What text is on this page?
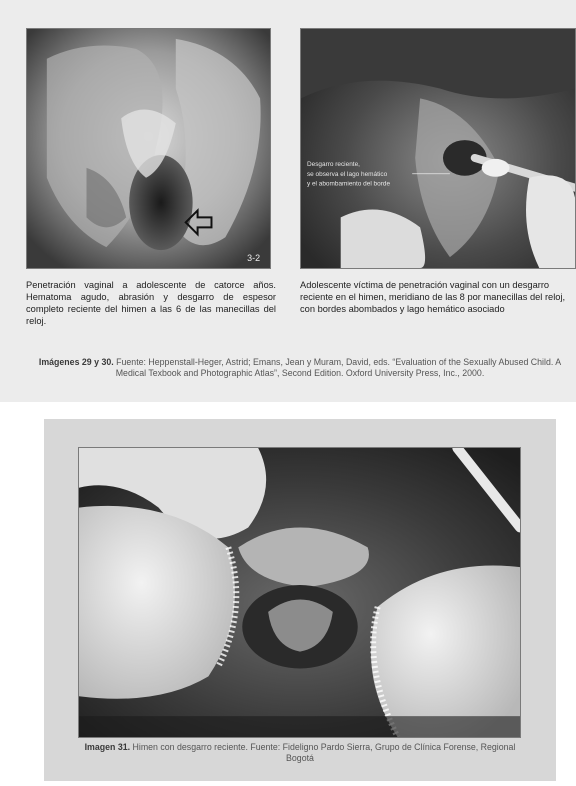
3-2
Desgarro reciente,
se observa el lago hemático
y el abombamiento del borde
Penetración vaginal a adolescente de catorce años. Hematoma agudo, abrasión y desgarro de espesor completo reciente del himen a las 6 de las manecillas del reloj.
Adolescente víctima de penetración vaginal con un desgarro reciente en el himen, meridiano de las 8 por manecillas del reloj, con bordes abombados y lago hemático asociado
Imágenes 29 y 30. Fuente: Heppenstall-Heger, Astrid; Emans, Jean y Muram, David, eds. “Evaluation of the Sexually Abused Child. A Medical Texbook and Photographic Atlas”, Second Edition. Oxford University Press, Inc., 2000.
Imagen 31. Himen con desgarro reciente. Fuente: Fideligno Pardo Sierra, Grupo de Clínica Forense, Regional Bogotá
